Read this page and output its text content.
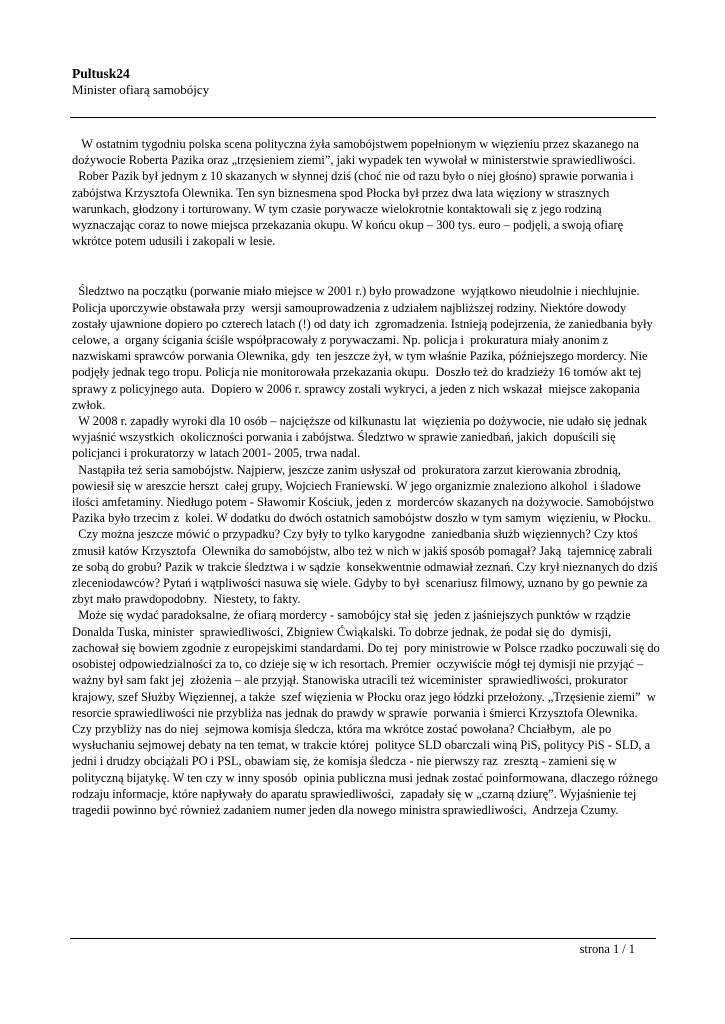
Pultusk24

Minister ofiarą samobójcy

W ostatnim tygodniu polska scena polityczna żyła samobójstwem popełnionym w więzieniu przez skazanego na dożywocie Roberta Pazika oraz „trzęsieniem ziemi”, jaki wypadek ten wywołał w ministerstwie sprawiedliwości.

Rober Pazik był jednym z 10 skazanych w słynnej dziś (choć nie od razu było o niej głośno) sprawie porwania i zabójstwa Krzysztofa Olewnika. Ten syn biznesmena spod Płocka był przez dwa lata więziony w strasznych warunkach, głodzony i torturowany. W tym czasie porywacze wielokrotnie kontaktowali się z jego rodziną wyznaczając coraz to nowe miejsca przekazania okupu. W końcu okup – 300 tys. euro – podjęli, a swoją ofiarę wkrótce potem udusili i zakopali w lesie.

Śledztwo na początku (porwanie miało miejsce w 2001 r.) było prowadzone  wyjątkowo nieudolnie i niechlujnie. Policja uporczywie obstawała przy  wersji samouprowadzenia z udziałem najbliższej rodziny. Niektóre dowody zostały ujawnione dopiero po czterech latach (!) od daty ich  zgromadzenia. Istnieją podejrzenia, że zaniedbania były celowe, a  organy ścigania ściśle współpracowały z porywaczami. Np. policja i  prokuratura miały anonim z nazwiskami sprawców porwania Olewnika, gdy  ten jeszcze żył, w tym właśnie Pazika, późniejszego mordercy. Nie podjęły jednak tego tropu. Policja nie monitorowała przekazania okupu.  Doszło też do kradzieży 16 tomów akt tej sprawy z policyjnego auta.  Dopiero w 2006 r. sprawcy zostali wykryci, a jeden z nich wskazał  miejsce zakopania zwłok.

W 2008 r. zapadły wyroki dla 10 osób – najcięższe od kilkunastu lat  więzienia po dożywocie, nie udało się jednak wyjaśnić wszystkich  okoliczności porwania i zabójstwa. Śledztwo w sprawie zaniedbań, jakich  dopuścili się policjanci i prokuratorzy w latach 2001- 2005, trwa nadal.

Nastąpiła też seria samobójstw. Najpierw, jeszcze zanim usłyszał od  prokuratora zarzut kierowania zbrodnią, powiesił się w areszcie herszt  całej grupy, Wojciech Franiewski. W jego organizmie znaleziono alkohol  i śladowe ilości amfetaminy. Niedługo potem - Sławomir Kościuk, jeden z  morderców skazanych na dożywocie. Samobójstwo Pazika było trzecim z  kolei. W dodatku do dwóch ostatnich samobójstw doszło w tym samym  więzieniu, w Płocku.

Czy można jeszcze mówić o przypadku? Czy były to tylko karygodne  zaniedbania służb więziennych? Czy ktoś zmusił katów Krzysztofa  Olewnika do samobójstw, albo też w nich w jakiś sposób pomagał? Jaką  tajemnicę zabrali ze sobą do grobu? Pazik w trakcie śledztwa i w sądzie  konsekwentnie odmawiał zeznań. Czy krył nieznanych do dziś zleceniodawców? Pytań i wątpliwości nasuwa się wiele. Gdyby to był  scenariusz filmowy, uznano by go pewnie za zbyt mało prawdopodobny.  Niestety, to fakty.

Może się wydać paradoksalne, że ofiarą mordercy - samobójcy stał się  jeden z jaśniejszych punktów w rządzie Donalda Tuska, minister  sprawiedliwości, Zbigniew Ćwiąkalski. To dobrze jednak, że podał się do  dymisji, zachował się bowiem zgodnie z europejskimi standardami. Do tej  pory ministrowie w Polsce rzadko poczuwali się do osobistej odpowiedzialności za to, co dzieje się w ich resortach. Premier  oczywiście mógł tej dymisji nie przyjąć – ważny był sam fakt jej  złożenia – ale przyjął. Stanowiska utracili też wiceminister  sprawiedliwości, prokurator krajowy, szef Służby Więziennej, a także  szef więzienia w Płocku oraz jego łódzki przełożony. „Trzęsienie ziemi”  w resorcie sprawiedliwości nie przybliża nas jednak do prawdy w sprawie  porwania i śmierci Krzysztofa Olewnika. Czy przybliży nas do niej  sejmowa komisja śledcza, która ma wkrótce zostać powołana? Chciałbym,  ale po wysłuchaniu sejmowej debaty na ten temat, w trakcie której  polityce SLD obarczali winą PiS, politycy PiS - SLD, a jedni i drudzy obciążali PO i PSL, obawiam się, że komisja śledcza - nie pierwszy raz  zresztą - zamieni się w polityczną bijatykę. W ten czy w inny sposób  opinia publiczna musi jednak zostać poinformowana, dlaczego różnego  rodzaju informacje, które napływały do aparatu sprawiedliwości,  zapadały się w „czarną dziurę”. Wyjaśnienie tej tragedii powinno być również zadaniem numer jeden dla nowego ministra sprawiedliwości,  Andrzeja Czumy.

strona 1 / 1
